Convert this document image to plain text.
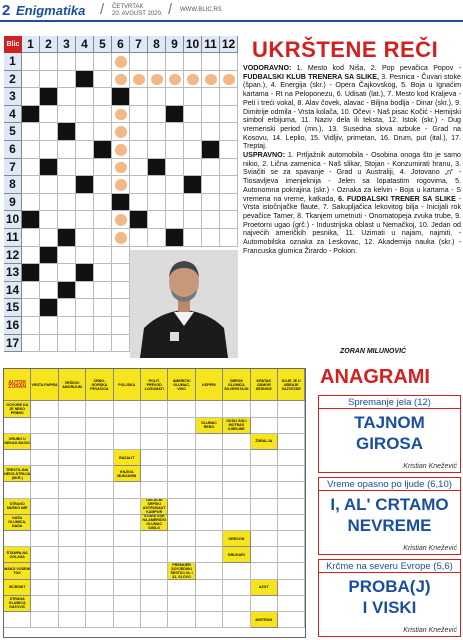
2 Enigmatika / ČETVRTAK
20. AVGUST 2020. / WWW.BLIC.RS
Blic 1 2 3 4 5 6 7 8 9 10 11 12
1
2
3
4
5
6
7
8
9
10
11
12
13
14
15
16
17
UKRŠTENE REČI
VODORAVNO: 1. Mesto kod Niša, 2. Pop pevačica Popov - FUDBALSKI KLUB TRENERA SA SLIKE, 3. Pesnica - Čuvari stoke (špan.), 4. Energija (skr.) - Opera Čajkovskog, 5. Boja u Ignaćim kartama - Rt na Peloponezu, 6. Udisati (lat.), 7. Mesto kod Kraljeva - Peti i treći vokal, 8. Alav čovek, alavac - Biljna bodlja - Dinar (skr.), 9. Dimitrije odmila - Vrsta kolača, 10. Očevi - Naš pisac Kočić - Hemijski simbol erbijuma, 11. Naziv dela ili teksta, 12. Istok (skr.) - Dug vremenski period (mn.), 13. Susedna slova azbuke - Grad na Kosovu, 14. Leplio, 15. Vidljiv, primetan, 16. Drum, put (ital.), 17. Treptaj.
USPRAVNO: 1. Prtljažnik automobila - Osobina onoga što je samo nikio, 2. Lična zamenica - Naš slikar, Stojan - Konzumirati hranu, 3. Sviačiti se za spavanje - Grad u Australiji, 4. Jotovano „n" - Tiosavljeva imenjeknija - Jelen sa lopatastim rogovima, 5. Autonomna pokrajina (skr.) - Oznaka za kelvin - Boja u kartama - S vremena na vreme, katkada, 6. FUDBALSKI TRENER SA SLIKE - Vrsta istočnjačke flaute, 7. Sakupljačica lekovitog bilja - Inicijali rok pevačice Tarner, 8. Tkanjem umetnuti - Onomatopeja zvuka trube, 9. Proetorni ugao (grč.) - Industrijska oblast u Nemačkoj, 10. Jedan od najvećih američkih pesnika, 11. Uzimati u najam, najmiti, - Automobilska oznaka za Leskovac, 12. Akademija nauka (skr.) - Francuska glumica Žirardo - Pokion.
ZORAN MILUNOVIĆ
AUTOR ZORAN	VRSTA PAPIRA	VRŠIOCI AMORIJUM
CRNO-GORSKA PEVAČICA
POLJSKA
POLIT. PREVOD LOGOMATI
AMERIČKI GLUMAC, VIKO
KEPERI
OBROK GLUMICA SILVERSTAJN
KRATAK ODMOR SEDNICE
KOJE JE U UBRAJE SAZVEZDE
GOVORE DA JE NEKO PRIMIO
GRUBO U NEKAD-BACIO
TRESTILJNA NEDO-STRUJA (SKR.)
STRANO MUŠKO IME
NAŠA GLUMICA, NADA
ŠTAMPA-NA OGLASA
MANJI VODENI TOK
ISCRSIKT
STRAHA GLUMICA GATOVIĆ
GLUMAC RENO
OKSIJ SOLI MOTRAS KISELINE
ŽDRALJA
RAZALIT
KNJIGA MUNJANIN
ODLUČNI SRPSKI ASTRONAUT KAMPOR
STOKE SVE NA AMERIČKI GLUMAC SISILO
OREGON
DRUGARI
PREMIJER SOVJEDSKI ŠESTICI 24. I 31. SLOVO
AZOT
MISTRON
ANAGRAMI
Spremanje jela (12)
TAJNOM
GIROSA
Kristian Knežević
Vreme opasno po ljude (6,10)
I, AL' CRTAMO
NEVREME
Kristian Knežević
Krčme na severu Evrope (5,6)
PROBA(J)
I VISKI
Kristian Knežević
